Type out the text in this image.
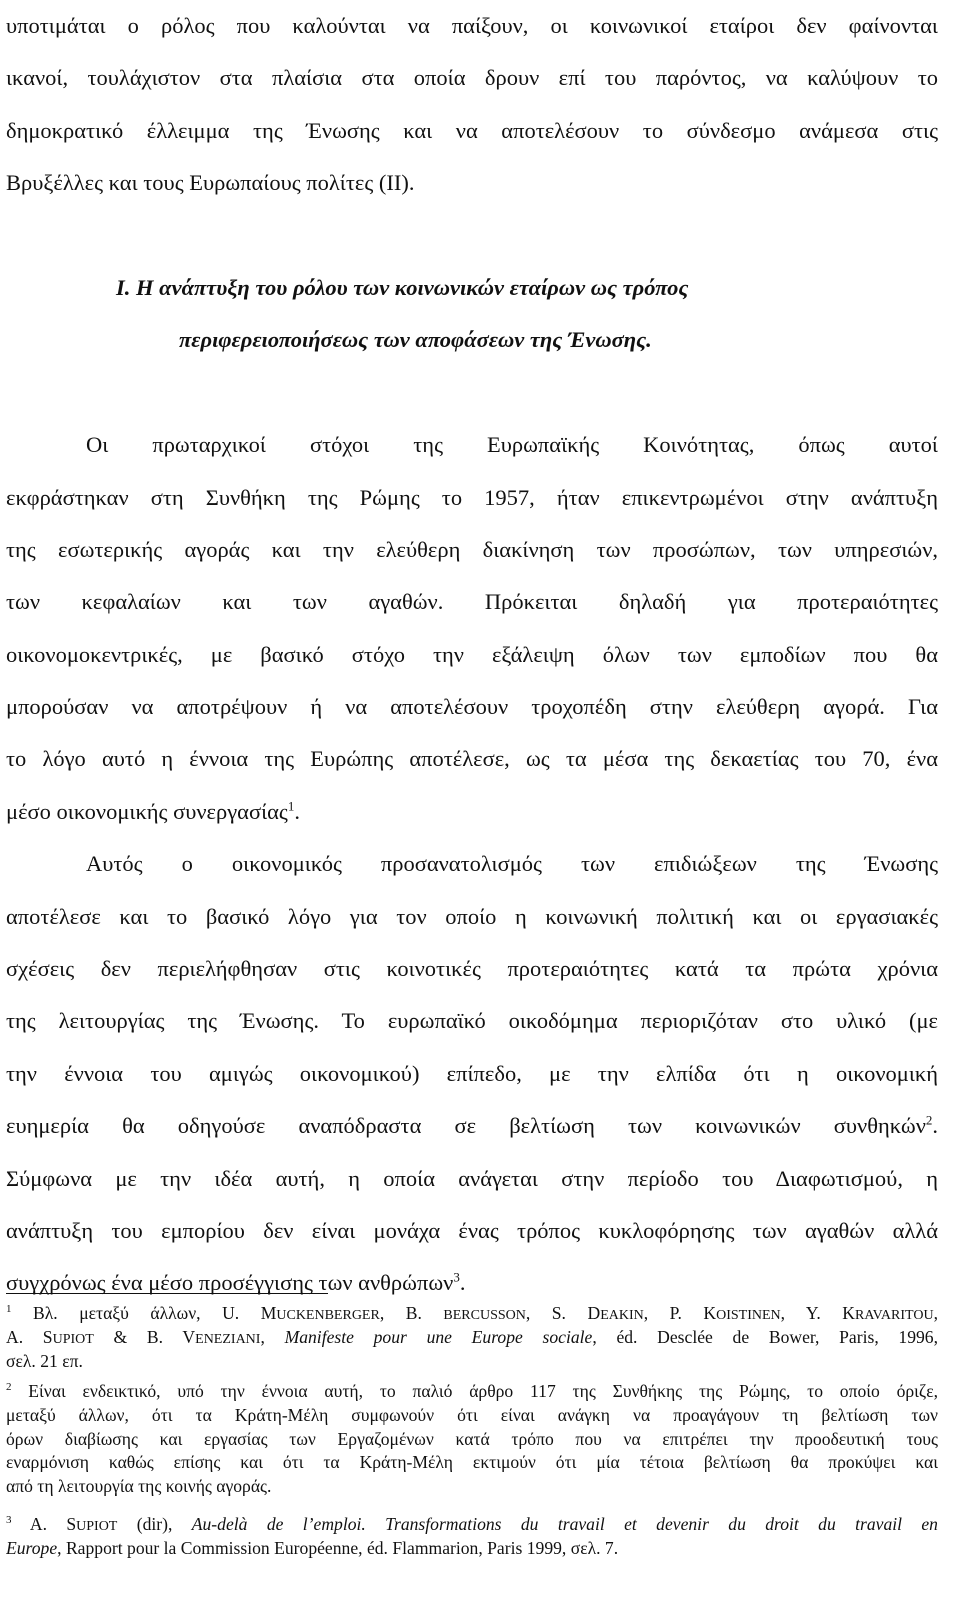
υποτιμάται ο ρόλος που καλούνται να παίξουν, οι κοινωνικοί εταίροι δεν φαίνονται
ικανοί, τουλάχιστον στα πλαίσια στα οποία δρουν επί του παρόντος, να καλύψουν το
δημοκρατικό έλλειμμα της Ένωσης και να αποτελέσουν το σύνδεσμο ανάμεσα στις
Βρυξέλλες και τους Ευρωπαίους πολίτες (ΙΙ).
Ι. Η ανάπτυξη του ρόλου των κοινωνικών εταίρων ως τρόπος
περιφερειοποιήσεως των αποφάσεων της Ένωσης.
Οι πρωταρχικοί στόχοι της Ευρωπαϊκής Κοινότητας, όπως αυτοί
εκφράστηκαν στη Συνθήκη της Ρώμης το 1957, ήταν επικεντρωμένοι στην ανάπτυξη
της εσωτερικής αγοράς και την ελεύθερη διακίνηση των προσώπων, των υπηρεσιών,
των κεφαλαίων και των αγαθών. Πρόκειται δηλαδή για προτεραιότητες
οικονομοκεντρικές, με βασικό στόχο την εξάλειψη όλων των εμποδίων που θα
μπορούσαν να αποτρέψουν ή να αποτελέσουν τροχοπέδη στην ελεύθερη αγορά. Για
το λόγο αυτό η έννοια της Ευρώπης αποτέλεσε, ως τα μέσα της δεκαετίας του 70, ένα
μέσο οικονομικής συνεργασίας$^1$.
Αυτός ο οικονομικός προσανατολισμός των επιδιώξεων της Ένωσης
αποτέλεσε και το βασικό λόγο για τον οποίο η κοινωνική πολιτική και οι εργασιακές
σχέσεις δεν περιελήφθησαν στις κοινοτικές προτεραιότητες κατά τα πρώτα χρόνια
της λειτουργίας της Ένωσης. Το ευρωπαϊκό οικοδόμημα περιοριζόταν στο υλικό (με
την έννοια του αμιγώς οικονομικού) επίπεδο, με την ελπίδα ότι η οικονομική
ευημερία θα οδηγούσε αναπόδραστα σε βελτίωση των κοινωνικών συνθηκών$^2$.
Σύμφωνα με την ιδέα αυτή, η οποία ανάγεται στην περίοδο του Διαφωτισμού, η
ανάπτυξη του εμπορίου δεν είναι μονάχα ένας τρόπος κυκλοφόρησης των αγαθών αλλά
συγχρόνως ένα μέσο προσέγγισης των ανθρώπων$^3$.
$^1$ Βλ. μεταξύ άλλων, U. MUCKENBERGER, B. BERCUSSON, S. DEAKIN, P. KOISTINEN, Y. KRAVARITOU,
A. SUPIOT & B. VENEZIANI, Manifeste pour une Europe sociale, éd. Desclée de Bower, Paris, 1996,
σελ. 21 επ.
$^2$ Είναι ενδεικτικό, υπό την έννοια αυτή, το παλιό άρθρο 117 της Συνθήκης της Ρώμης, το οποίο όριζε,
μεταξύ άλλων, ότι τα Κράτη-Μέλη συμφωνούν ότι είναι ανάγκη να προαγάγουν τη βελτίωση των
όρων διαβίωσης και εργασίας των Εργαζομένων κατά τρόπο που να επιτρέπει την προοδευτική τους
εναρμόνιση καθώς επίσης και ότι τα Κράτη-Μέλη εκτιμούν ότι μία τέτοια βελτίωση θα προκύψει και
από τη λειτουργία της κοινής αγοράς.
$^3$ A. SUPIOT (dir), Au-delà de l’emploi. Transformations du travail et devenir du droit du travail en
Europe, Rapport pour la Commission Européenne, éd. Flammarion, Paris 1999, σελ. 7.
